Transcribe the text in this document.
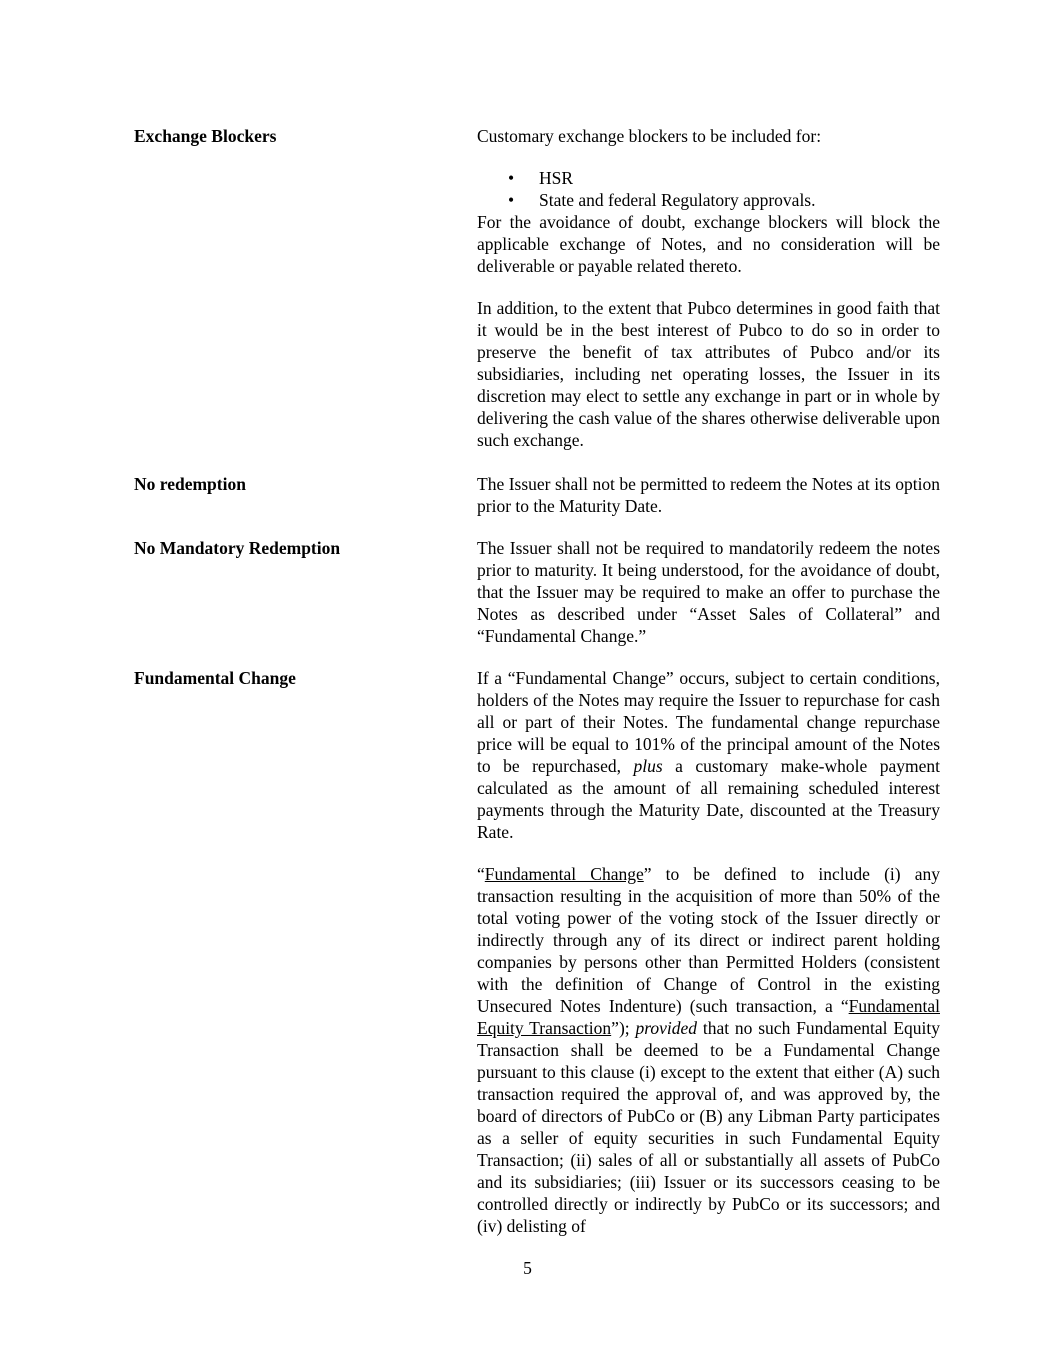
Exchange Blockers	Customary exchange blockers to be included for:

• HSR
• State and federal Regulatory approvals.

For the avoidance of doubt, exchange blockers will block the applicable exchange of Notes, and no consideration will be deliverable or payable related thereto.

In addition, to the extent that Pubco determines in good faith that it would be in the best interest of Pubco to do so in order to preserve the benefit of tax attributes of Pubco and/or its subsidiaries, including net operating losses, the Issuer in its discretion may elect to settle any exchange in part or in whole by delivering the cash value of the shares otherwise deliverable upon such exchange.

No redemption	The Issuer shall not be permitted to redeem the Notes at its option prior to the Maturity Date.

No Mandatory Redemption	The Issuer shall not be required to mandatorily redeem the notes prior to maturity. It being understood, for the avoidance of doubt, that the Issuer may be required to make an offer to purchase the Notes as described under “Asset Sales of Collateral” and “Fundamental Change.”

Fundamental Change	If a “Fundamental Change” occurs, subject to certain conditions, holders of the Notes may require the Issuer to repurchase for cash all or part of their Notes. The fundamental change repurchase price will be equal to 101% of the principal amount of the Notes to be repurchased, plus a customary make-whole payment calculated as the amount of all remaining scheduled interest payments through the Maturity Date, discounted at the Treasury Rate.

“Fundamental Change” to be defined to include (i) any transaction resulting in the acquisition of more than 50% of the total voting power of the voting stock of the Issuer directly or indirectly through any of its direct or indirect parent holding companies by persons other than Permitted Holders (consistent with the definition of Change of Control in the existing Unsecured Notes Indenture) (such transaction, a “Fundamental Equity Transaction”); provided that no such Fundamental Equity Transaction shall be deemed to be a Fundamental Change pursuant to this clause (i) except to the extent that either (A) such transaction required the approval of, and was approved by, the board of directors of PubCo or (B) any Libman Party participates as a seller of equity securities in such Fundamental Equity Transaction; (ii) sales of all or substantially all assets of PubCo and its subsidiaries; (iii) Issuer or its successors ceasing to be controlled directly or indirectly by PubCo or its successors; and (iv) delisting of

5
